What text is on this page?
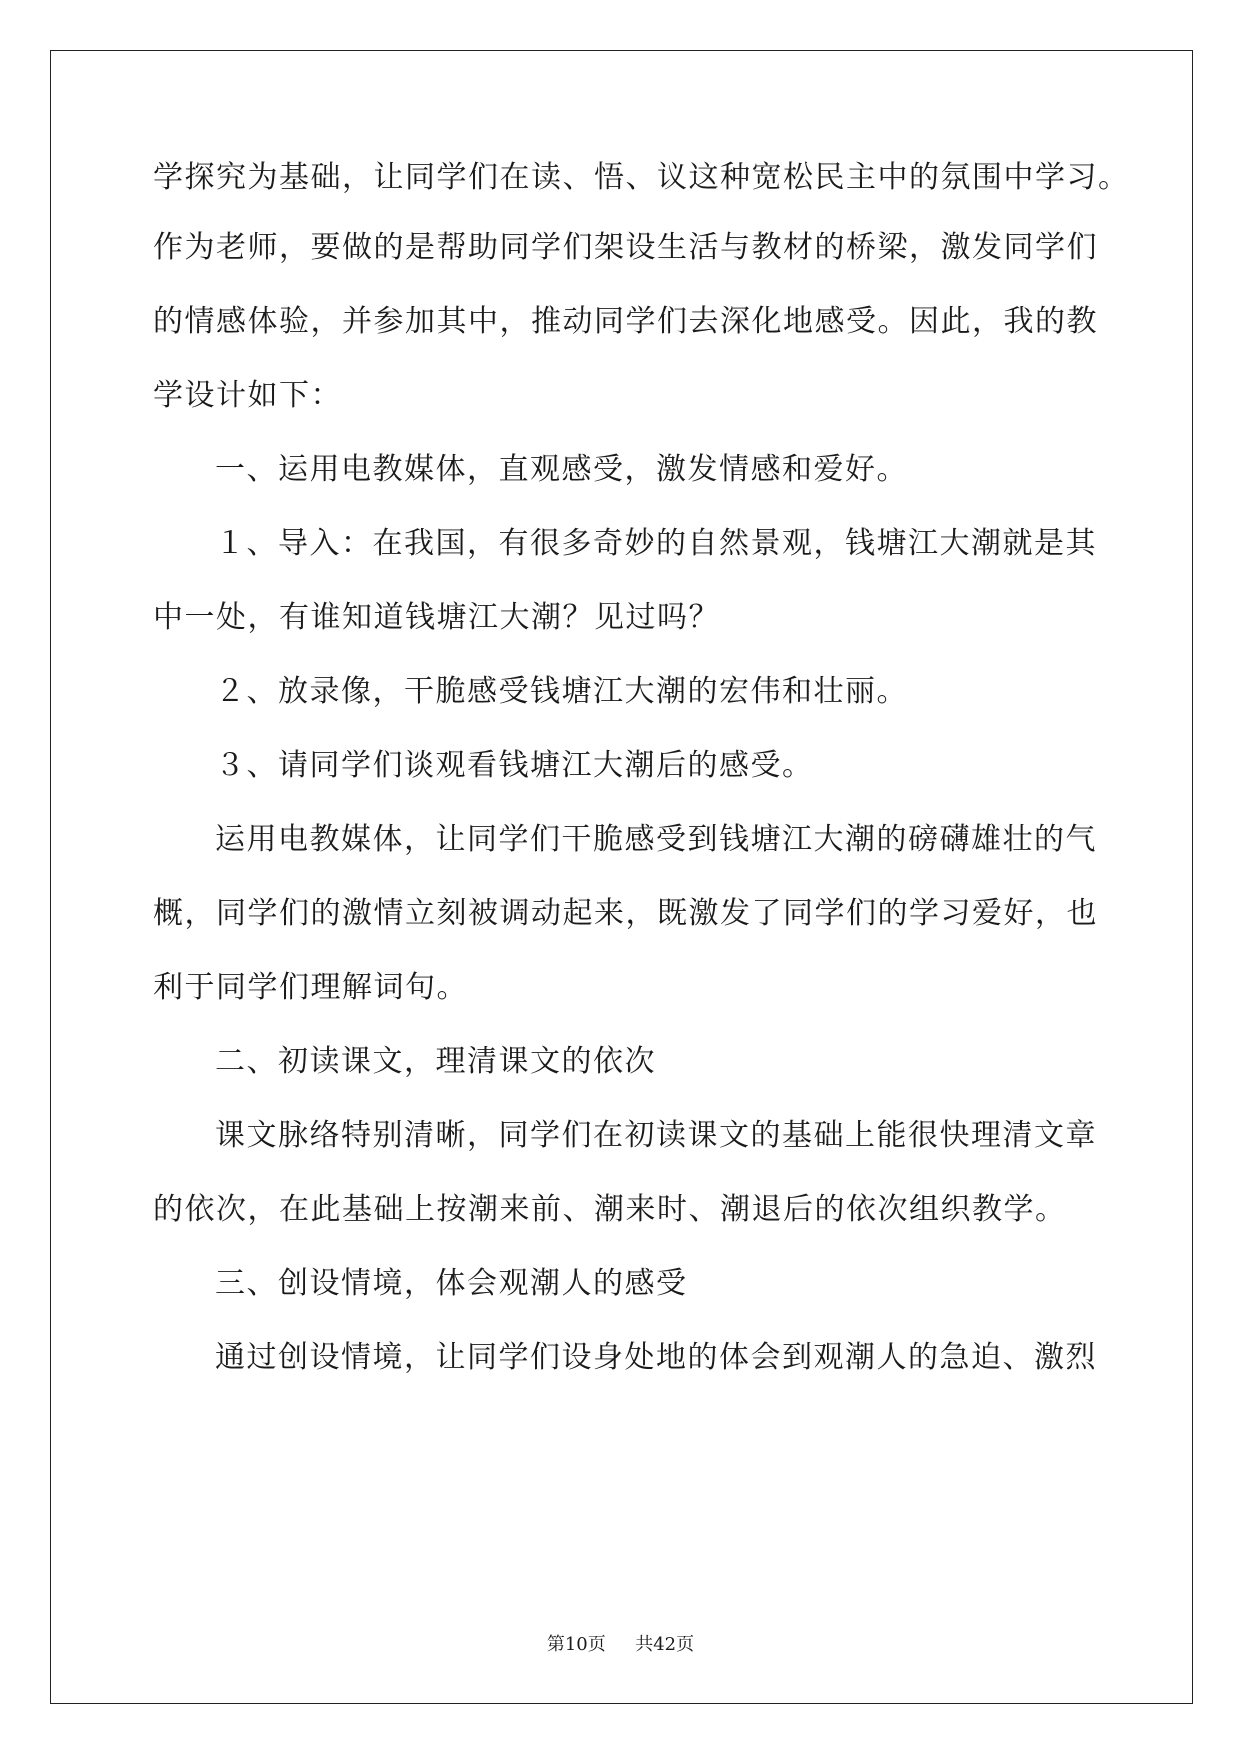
学探究为基础，让同学们在读、悟、议这种宽松民主中的氛围中学习。
作为老师，要做的是帮助同学们架设生活与教材的桥梁，激发同学们
的情感体验，并参加其中，推动同学们去深化地感受。因此，我的教
学设计如下：
一、运用电教媒体，直观感受，激发情感和爱好。
１、导入：在我国，有很多奇妙的自然景观，钱塘江大潮就是其
中一处，有谁知道钱塘江大潮？见过吗？
２、放录像，干脆感受钱塘江大潮的宏伟和壮丽。
３、请同学们谈观看钱塘江大潮后的感受。
运用电教媒体，让同学们干脆感受到钱塘江大潮的磅礴雄壮的气
概，同学们的激情立刻被调动起来，既激发了同学们的学习爱好，也
利于同学们理解词句。
二、初读课文，理清课文的依次
课文脉络特别清晰，同学们在初读课文的基础上能很快理清文章
的依次，在此基础上按潮来前、潮来时、潮退后的依次组织教学。
三、创设情境，体会观潮人的感受
通过创设情境，让同学们设身处地的体会到观潮人的急迫、激烈
第10页 共42页
